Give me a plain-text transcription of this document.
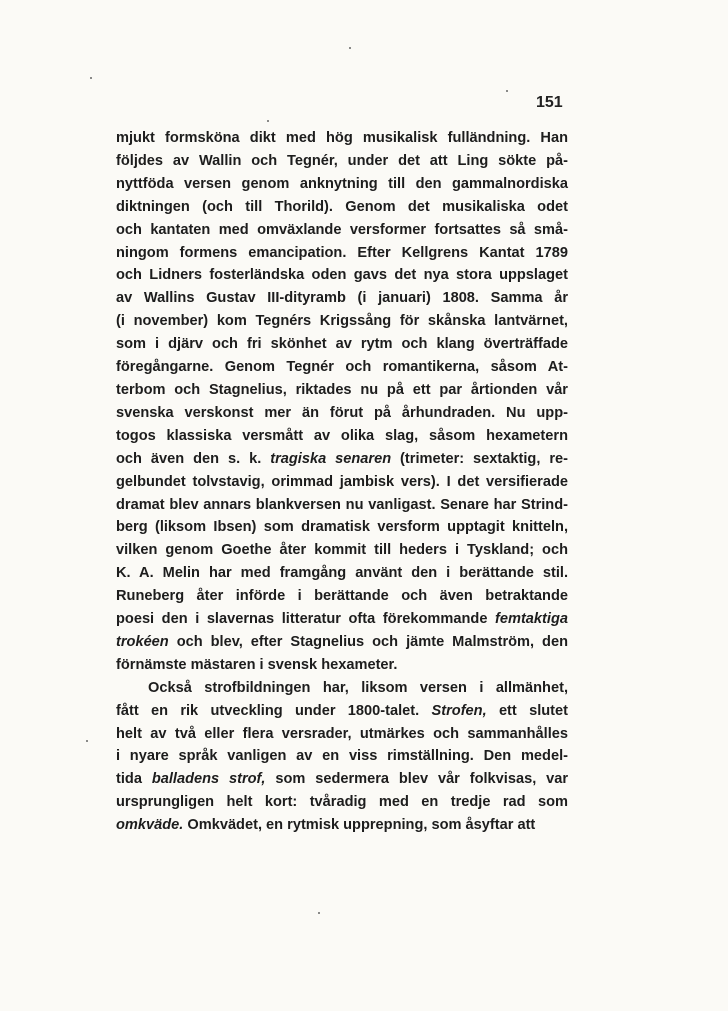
151
mjukt formsköna dikt med hög musikalisk fulländning. Han
följdes av Wallin och Tegnér, under det att Ling sökte på-
nyttföda versen genom anknytning till den gammalnordiska
diktningen (och till Thorild). Genom det musikaliska odet
och kantaten med omväxlande versformer fortsattes så små-
ningom formens emancipation. Efter Kellgrens Kantat 1789
och Lidners fosterländska oden gavs det nya stora uppslaget
av Wallins Gustav III-dityramb (i januari) 1808. Samma år
(i november) kom Tegnérs Krigssång för skånska lantvärnet,
som i djärv och fri skönhet av rytm och klang överträffade
föregångarne. Genom Tegnér och romantikerna, såsom At-
terbom och Stagnelius, riktades nu på ett par årtionden vår
svenska verskonst mer än förut på århundraden. Nu upp-
togos klassiska versmått av olika slag, såsom hexametern
och även den s. k. tragiska senaren (trimeter: sextaktig, re-
gelbundet tolvstavig, orimmad jambisk vers). I det versifierade
dramat blev annars blankversen nu vanligast. Senare har Strind-
berg (liksom Ibsen) som dramatisk versform upptagit knitteln,
vilken genom Goethe åter kommit till heders i Tyskland; och
K. A. Melin har med framgång använt den i berättande stil.
Runeberg åter införde i berättande och även betraktande
poesi den i slavernas litteratur ofta förekommande femtaktiga
trokéen och blev, efter Stagnelius och jämte Malmström, den
förnämste mästaren i svensk hexameter.
Också strofbildningen har, liksom versen i allmänhet,
fått en rik utveckling under 1800-talet. Strofen, ett slutet
helt av två eller flera versrader, utmärkes och sammanhålles
i nyare språk vanligen av en viss rimställning. Den medel-
tida balladens strof, som sedermera blev vår folkvisas, var
ursprungligen helt kort: tvåradig med en tredje rad som
omkväde. Omkvädet, en rytmisk upprepning, som åsyftar att
